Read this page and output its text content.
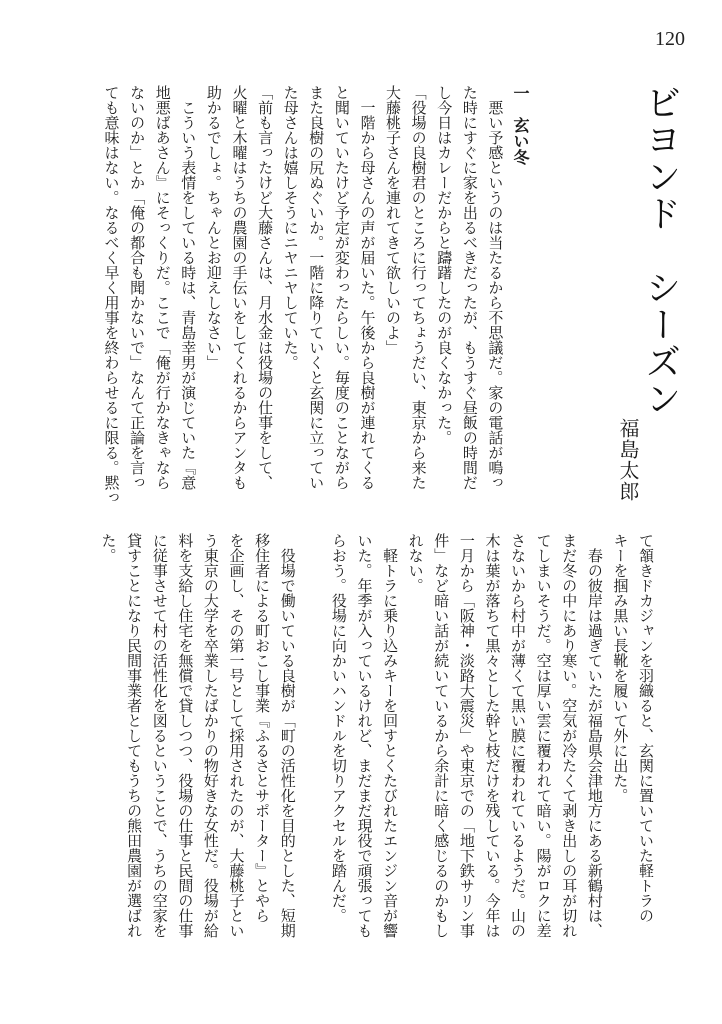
120
ビヨンド　シーズン
福島太郎
一　玄い冬
　悪い予感というのは当たるから不思議だ。家の電話が鳴っ
た時にすぐに家を出るべきだったが、もうすぐ昼飯の時間だ
し今日はカレーだからと躊躇したのが良くなかった。
「役場の良樹君のところに行ってちょうだい、東京から来た
大藤桃子さんを連れてきて欲しいのよ」
　一階から母さんの声が届いた。午後から良樹が連れてくる
と聞いていたけど予定が変わったらしい。毎度のことながら
また良樹の尻ぬぐいか。一階に降りていくと玄関に立ってい
た母さんは嬉しそうにニヤニヤしていた。
「前も言ったけど大藤さんは、月水金は役場の仕事をして、
火曜と木曜はうちの農園の手伝いをしてくれるからアンタも
助かるでしょ。ちゃんとお迎えしなさい」
　こういう表情をしている時は、青島幸男が演じていた『意
地悪ばあさん』にそっくりだ。ここで「俺が行かなきゃなら
ないのか」とか「俺の都合も聞かないで」なんて正論を言っ
ても意味はない。なるべく早く用事を終わらせるに限る。黙っ
て頷きドカジャンを羽織ると、玄関に置いていた軽トラの
キーを掴み黒い長靴を履いて外に出た。
　春の彼岸は過ぎていたが福島県会津地方にある新鶴村は、
まだ冬の中にあり寒い。空気が冷たくて剥き出しの耳が切れ
てしまいそうだ。空は厚い雲に覆われて暗い。陽がロクに差
さないから村中が薄くて黒い膜に覆われているようだ。山の
木は葉が落ちて黒々とした幹と枝だけを残している。今年は
一月から「阪神・淡路大震災」や東京での「地下鉄サリン事
件」など暗い話が続いているから余計に暗く感じるのかもし
れない。
　軽トラに乗り込みキーを回すとくたびれたエンジン音が響
いた。年季が入っているけれど、まだまだ現役で頑張っても
らおう。役場に向かいハンドルを切りアクセルを踏んだ。
　役場で働いている良樹が「町の活性化を目的とした、短期
移住者による町おこし事業『ふるさとサポーター』とやら
を企画し、その第一号として採用されたのが、大藤桃子とい
う東京の大学を卒業したばかりの物好きな女性だ。役場が給
料を支給し住宅を無償で貸しつつ、役場の仕事と民間の仕事
に従事させて村の活性化を図るということで、うちの空家を
貸すことになり民間事業者としてもうちの熊田農園が選ばれ
た。
